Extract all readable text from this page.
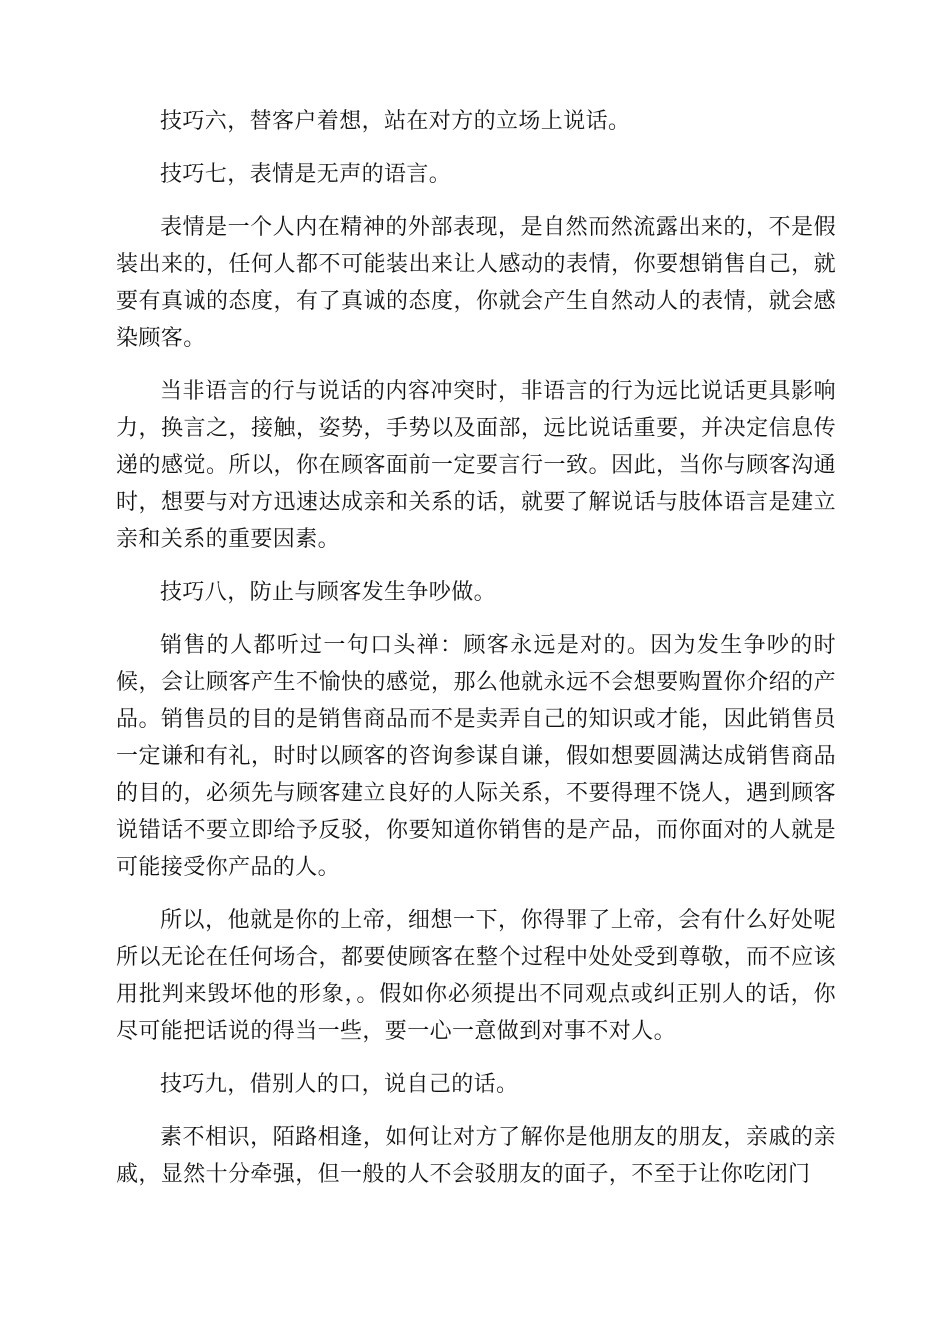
技巧六，替客户着想，站在对方的立场上说话。

技巧七，表情是无声的语言。

表情是一个人内在精神的外部表现，是自然而然流露出来的，不是假装出来的，任何人都不可能装出来让人感动的表情，你要想销售自己，就要有真诚的态度，有了真诚的态度，你就会产生自然动人的表情，就会感染顾客。

当非语言的行与说话的内容冲突时，非语言的行为远比说话更具影响力，换言之，接触，姿势，手势以及面部，远比说话重要，并决定信息传递的感觉。所以，你在顾客面前一定要言行一致。因此，当你与顾客沟通时，想要与对方迅速达成亲和关系的话，就要了解说话与肢体语言是建立亲和关系的重要因素。

技巧八，防止与顾客发生争吵做。

销售的人都听过一句口头禅：顾客永远是对的。因为发生争吵的时候，会让顾客产生不愉快的感觉，那么他就永远不会想要购置你介绍的产品。销售员的目的是销售商品而不是卖弄自己的知识或才能，因此销售员一定谦和有礼，时时以顾客的咨询参谋自谦，假如想要圆满达成销售商品的目的，必须先与顾客建立良好的人际关系，不要得理不饶人，遇到顾客说错话不要立即给予反驳，你要知道你销售的是产品，而你面对的人就是可能接受你产品的人。

所以，他就是你的上帝，细想一下，你得罪了上帝，会有什么好处呢所以无论在任何场合，都要使顾客在整个过程中处处受到尊敬，而不应该用批判来毁坏他的形象，。假如你必须提出不同观点或纠正别人的话，你尽可能把话说的得当一些，要一心一意做到对事不对人。

技巧九，借别人的口，说自己的话。

素不相识，陌路相逢，如何让对方了解你是他朋友的朋友，亲戚的亲戚，显然十分牵强，但一般的人不会驳朋友的面子，不至于让你吃闭门
